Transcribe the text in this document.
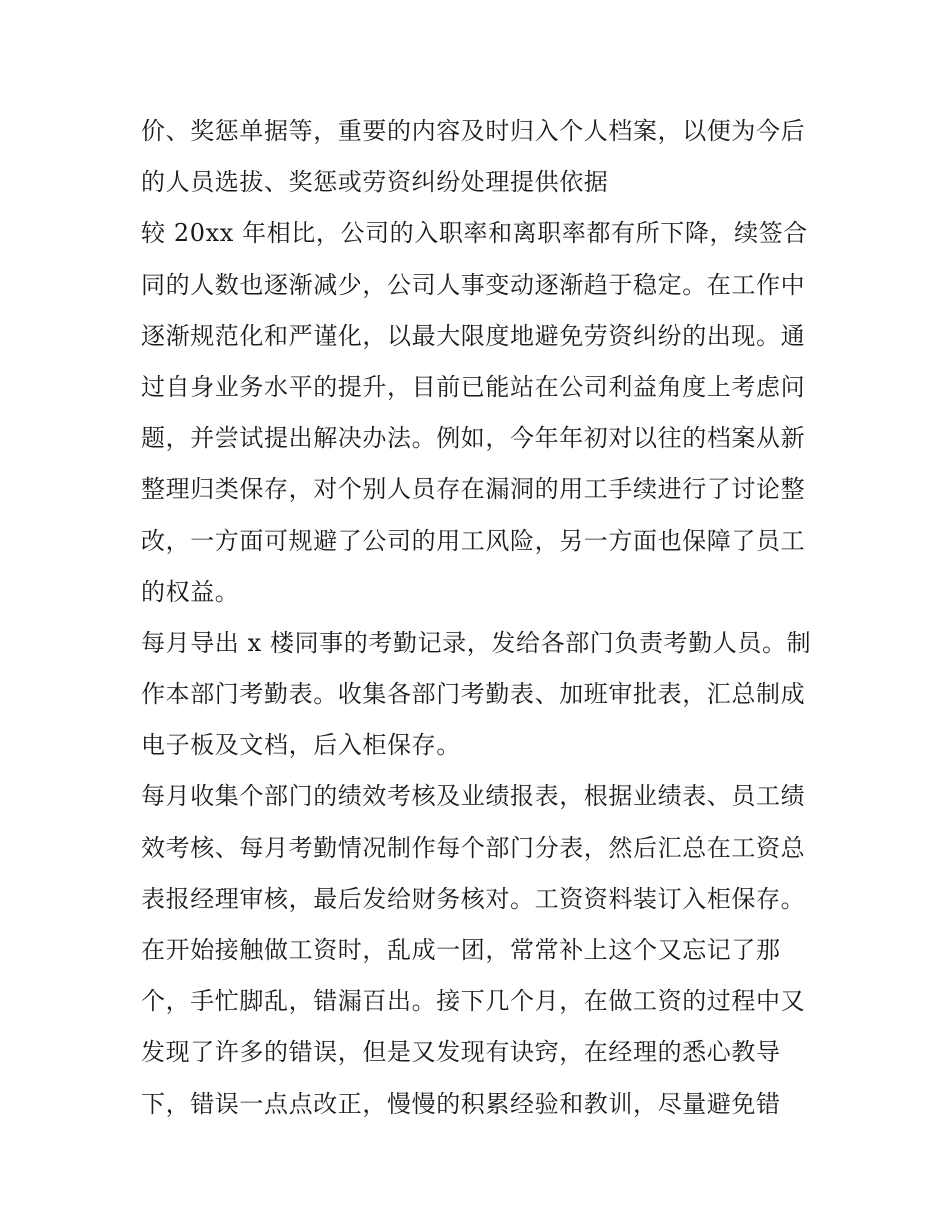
价、奖惩单据等，重要的内容及时归入个人档案，以便为今后
的人员选拔、奖惩或劳资纠纷处理提供依据
较 20xx 年相比，公司的入职率和离职率都有所下降，续签合
同的人数也逐渐减少，公司人事变动逐渐趋于稳定。在工作中
逐渐规范化和严谨化，以最大限度地避免劳资纠纷的出现。通
过自身业务水平的提升，目前已能站在公司利益角度上考虑问
题，并尝试提出解决办法。例如，今年年初对以往的档案从新
整理归类保存，对个别人员存在漏洞的用工手续进行了讨论整
改，一方面可规避了公司的用工风险，另一方面也保障了员工
的权益。
每月导出 x 楼同事的考勤记录，发给各部门负责考勤人员。制
作本部门考勤表。收集各部门考勤表、加班审批表，汇总制成
电子板及文档，后入柜保存。
每月收集个部门的绩效考核及业绩报表，根据业绩表、员工绩
效考核、每月考勤情况制作每个部门分表，然后汇总在工资总
表报经理审核，最后发给财务核对。工资资料装订入柜保存。
在开始接触做工资时，乱成一团，常常补上这个又忘记了那
个，手忙脚乱，错漏百出。接下几个月，在做工资的过程中又
发现了许多的错误，但是又发现有诀窍，在经理的悉心教导
下，错误一点点改正，慢慢的积累经验和教训，尽量避免错
